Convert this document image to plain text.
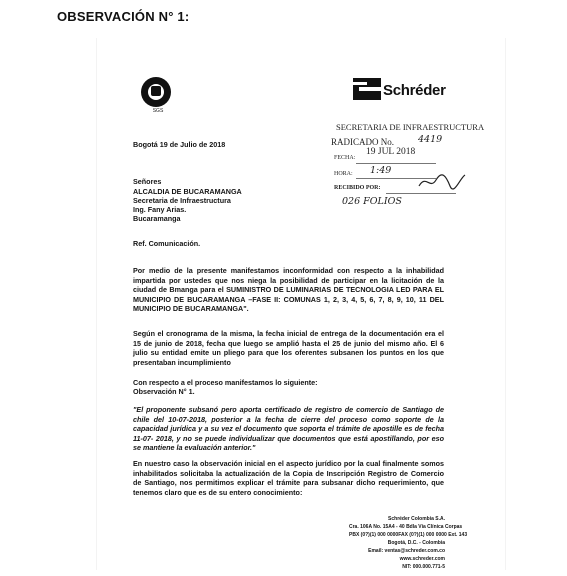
OBSERVACIÓN N° 1:
SGS
Schréder
Bogotá 19 de Julio de 2018
SECRETARIA DE INFRAESTRUCTURA
RADICADO No.	4419
FECHA:
19 JUL 2018
HORA: 1:49
RECIBIDO POR:
026 FOLIOS
Señores
ALCALDIA DE BUCARAMANGA
Secretaria de Infraestructura
Ing. Fany Arias.
Bucaramanga
Ref. Comunicación.
Por medio de la presente manifestamos inconformidad con respecto a la inhabilidad impartida por ustedes que nos niega la posibilidad de participar en la licitación de la ciudad de Bmanga para el SUMINISTRO DE LUMINARIAS DE TECNOLOGIA LED PARA EL MUNICIPIO DE BUCARAMANGA –FASE II: COMUNAS 1, 2, 3, 4, 5, 6, 7, 8, 9, 10, 11 DEL MUNICIPIO DE BUCARAMANGA".
Según el cronograma de la misma, la fecha inicial de entrega de la documentación era el 15 de junio de 2018, fecha que luego se amplió hasta el 25 de junio del mismo año. El 6 julio su entidad emite un pliego para que los oferentes subsanen los puntos en los que presentaban incumplimiento
Con respecto a el proceso manifestamos lo siguiente:
Observación N° 1.
"El proponente subsanó pero aporta certificado de registro de comercio de Santiago de chile del 10-07-2018, posterior a la fecha de cierre del proceso como soporte de la capacidad jurídica y a su vez el documento que soporta el trámite de apostille es de fecha 11-07- 2018, y no se puede individualizar que documentos que está apostillando, por eso se mantiene la evaluación anterior."
En nuestro caso la observación inicial en el aspecto jurídico por la cual finalmente somos inhabilitados solicitaba la actualización de la Copia de Inscripción Registro de Comercio de Santiago, nos permitimos explicar el trámite para subsanar dicho requerimiento, que tenemos claro que es de su entero conocimiento:
Schréder Colombia S.A.
Cra. 106A No. 15A4 - 40 Bdla Vía Clínica Corpas
PBX (0?)(1) 000 0000FAX (0?)(1) 000 0000 Ext. 143
Bogotá, D.C. - Colombia
Email: ventas@schreder.com.co
www.schreder.com
NIT: 000.000.771-5
